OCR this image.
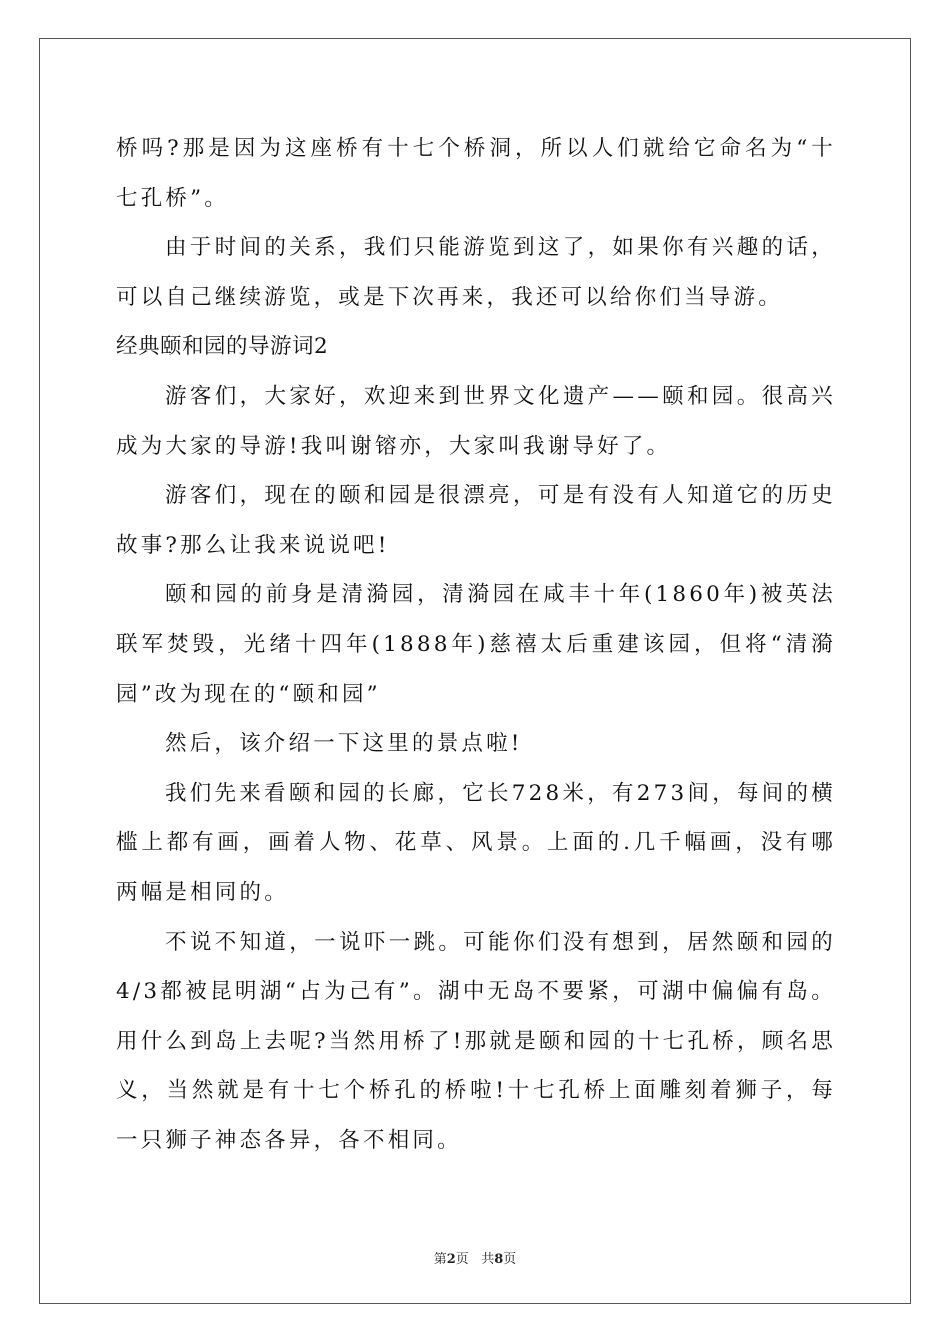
桥吗?那是因为这座桥有十七个桥洞，所以人们就给它命名为“十七孔桥”。

由于时间的关系，我们只能游览到这了，如果你有兴趣的话，可以自己继续游览，或是下次再来，我还可以给你们当导游。

经典颐和园的导游词2

游客们，大家好，欢迎来到世界文化遗产——颐和园。很高兴成为大家的导游!我叫谢镕亦，大家叫我谢导好了。

游客们，现在的颐和园是很漂亮，可是有没有人知道它的历史故事?那么让我来说说吧!

颐和园的前身是清漪园，清漪园在咸丰十年(1860年)被英法联军焚毁，光绪十四年(1888年)慈禧太后重建该园，但将“清漪园”改为现在的“颐和园”

然后，该介绍一下这里的景点啦!

我们先来看颐和园的长廊，它长728米，有273间，每间的横槛上都有画，画着人物、花草、风景。上面的.几千幅画，没有哪两幅是相同的。

不说不知道，一说吓一跳。可能你们没有想到，居然颐和园的4/3都被昆明湖“占为己有”。湖中无岛不要紧，可湖中偏偏有岛。用什么到岛上去呢?当然用桥了!那就是颐和园的十七孔桥，顾名思义，当然就是有十七个桥孔的桥啦!十七孔桥上面雕刻着狮子，每一只狮子神态各异，各不相同。

第2页 共8页
